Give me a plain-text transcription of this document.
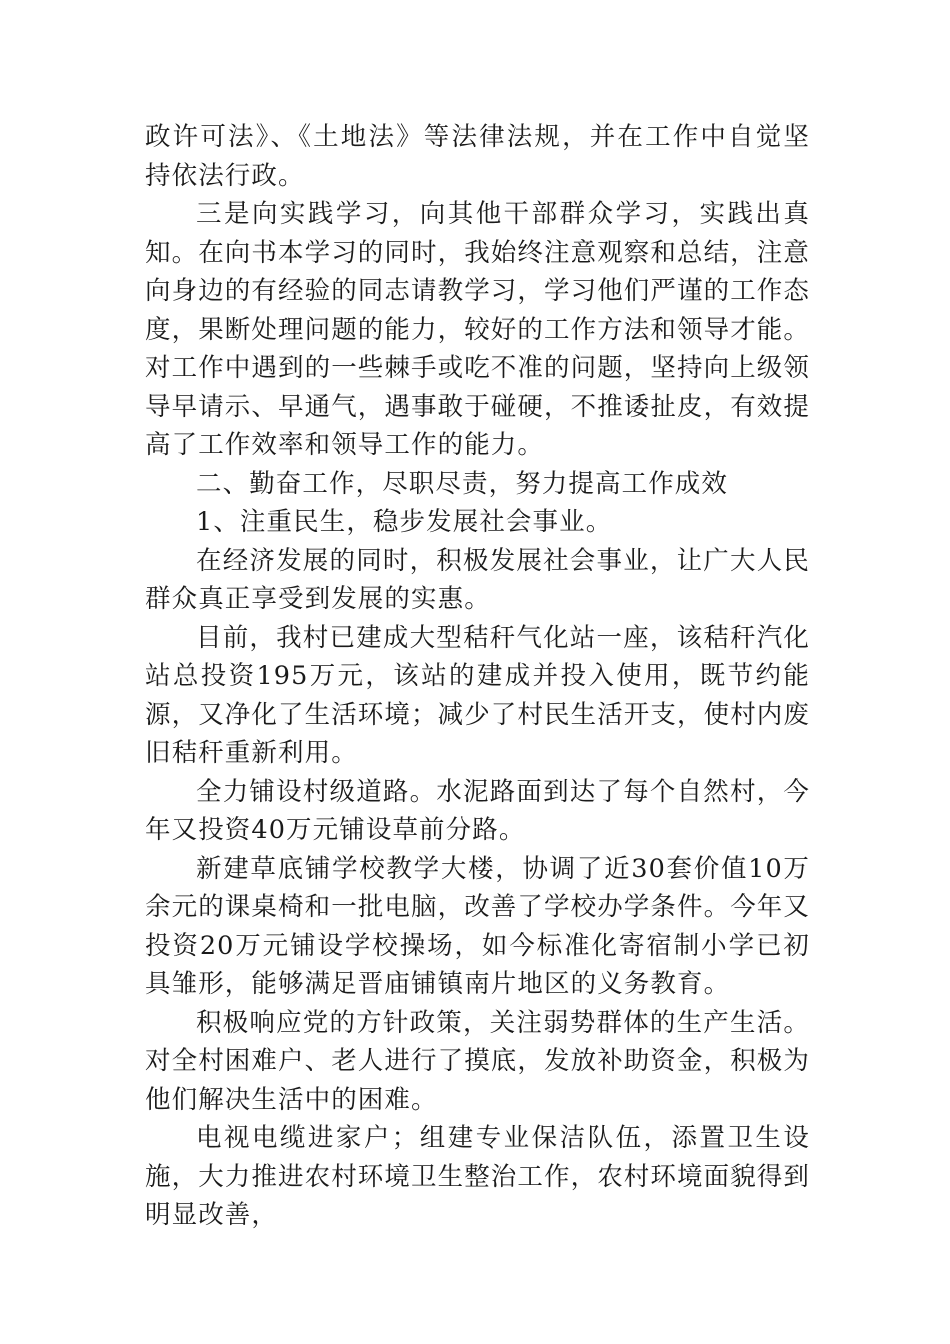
政许可法》、《土地法》等法律法规，并在工作中自觉坚持依法行政。

三是向实践学习，向其他干部群众学习，实践出真知。在向书本学习的同时，我始终注意观察和总结，注意向身边的有经验的同志请教学习，学习他们严谨的工作态度，果断处理问题的能力，较好的工作方法和领导才能。对工作中遇到的一些棘手或吃不准的问题，坚持向上级领导早请示、早通气，遇事敢于碰硬，不推诿扯皮，有效提高了工作效率和领导工作的能力。

二、勤奋工作，尽职尽责，努力提高工作成效

1、注重民生，稳步发展社会事业。

在经济发展的同时，积极发展社会事业，让广大人民群众真正享受到发展的实惠。

目前，我村已建成大型秸秆气化站一座，该秸秆汽化站总投资195万元，该站的建成并投入使用，既节约能源，又净化了生活环境；减少了村民生活开支，使村内废旧秸秆重新利用。

全力铺设村级道路。水泥路面到达了每个自然村，今年又投资40万元铺设草前分路。

新建草底铺学校教学大楼，协调了近30套价值10万余元的课桌椅和一批电脑，改善了学校办学条件。今年又投资20万元铺设学校操场，如今标准化寄宿制小学已初具雏形，能够满足晋庙铺镇南片地区的义务教育。

积极响应党的方针政策，关注弱势群体的生产生活。对全村困难户、老人进行了摸底，发放补助资金，积极为他们解决生活中的困难。

电视电缆进家户；组建专业保洁队伍，添置卫生设施，大力推进农村环境卫生整治工作，农村环境面貌得到明显改善，
